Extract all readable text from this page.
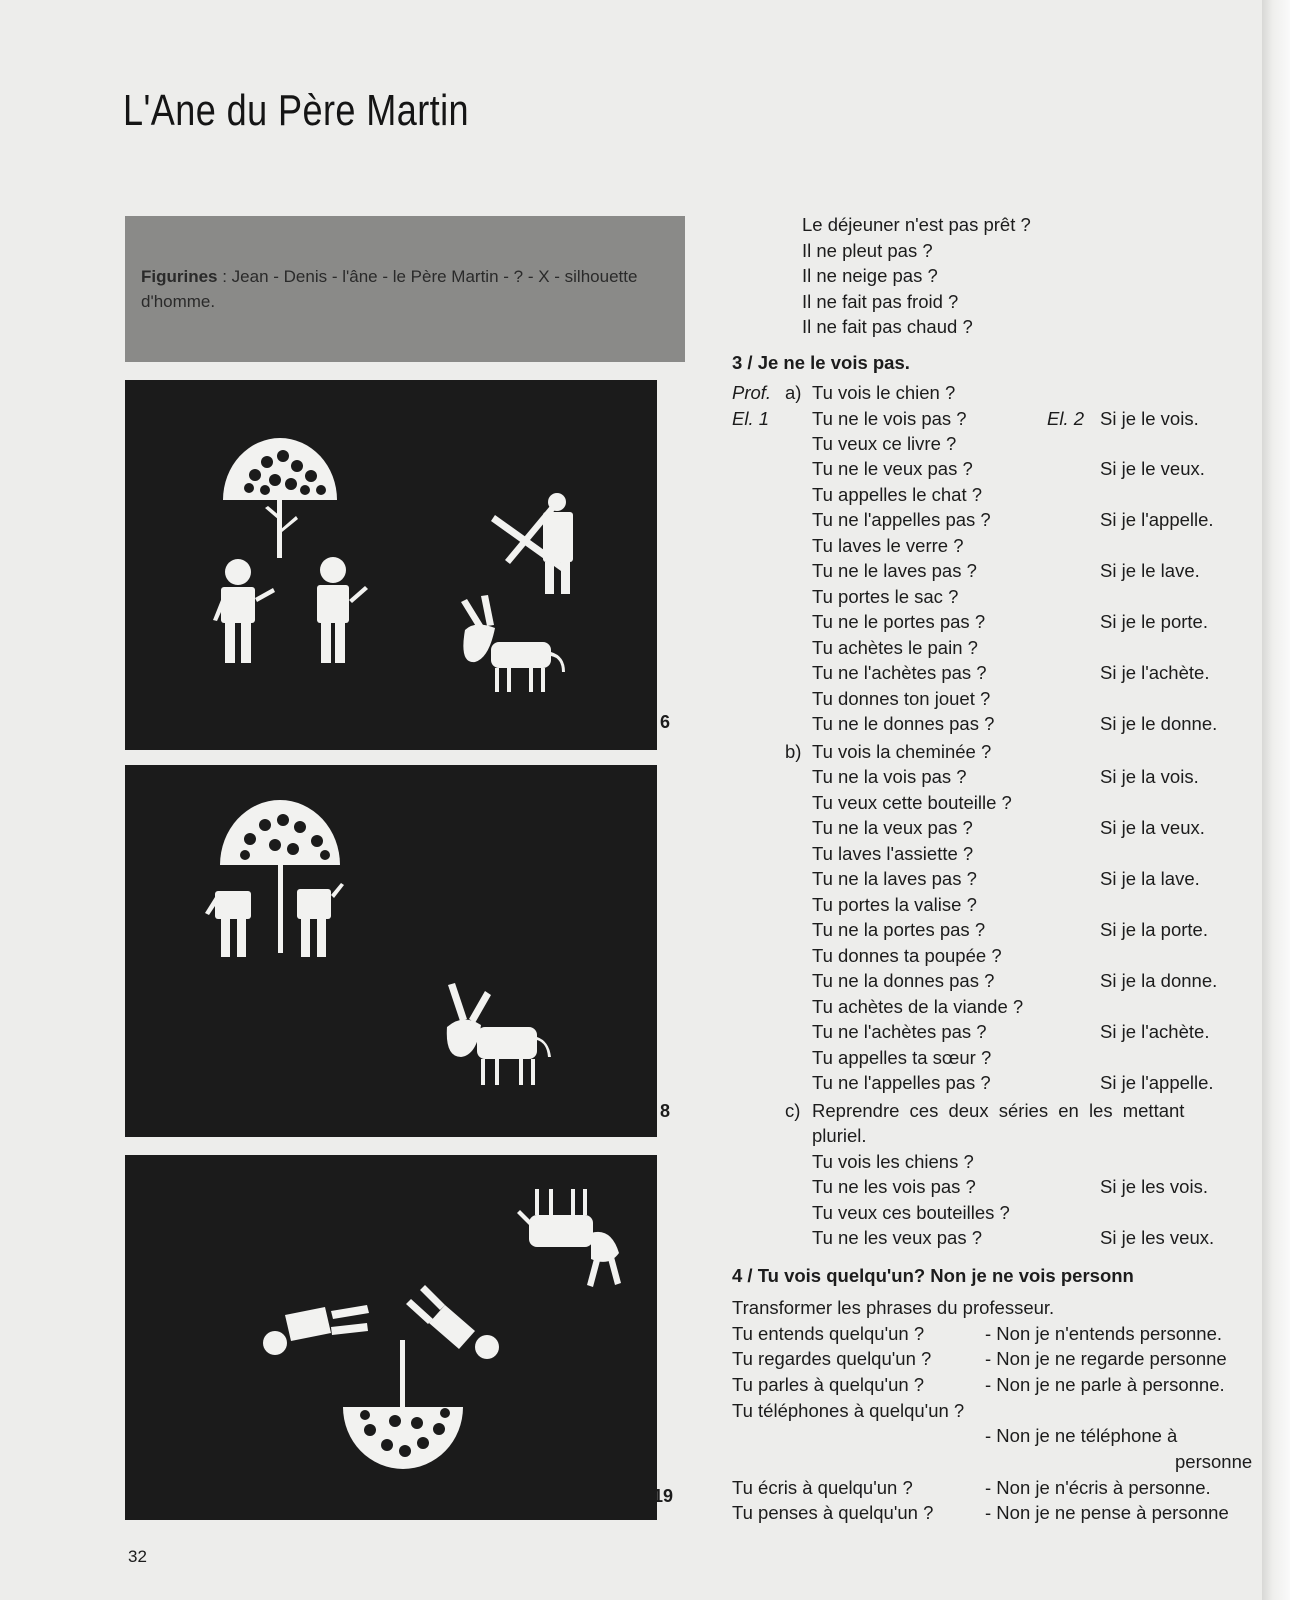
L'Ane du Père Martin
Figurines : Jean - Denis - l'âne - le Père Martin - ? - X - silhouette d'homme.
6
8
19
32
Le déjeuner n'est pas prêt ?
Il ne pleut pas ?
Il ne neige pas ?
Il ne fait pas froid ?
Il ne fait pas chaud ?
3 / Je ne le vois pas.
Prof. a) Tu vois le chien ?
El. 1 Tu ne le vois pas ?	El. 2 Si je le vois.
Tu veux ce livre ?
Tu ne le veux pas ?	Si je le veux.
Tu appelles le chat ?
Tu ne l'appelles pas ?	Si je l'appelle.
Tu laves le verre ?
Tu ne le laves pas ?	Si je le lave.
Tu portes le sac ?
Tu ne le portes pas ?	Si je le porte.
Tu achètes le pain ?
Tu ne l'achètes pas ?	Si je l'achète.
Tu donnes ton jouet ?
Tu ne le donnes pas ?	Si je le donne.
b) Tu vois la cheminée ?
Tu ne la vois pas ?	Si je la vois.
Tu veux cette bouteille ?
Tu ne la veux pas ?	Si je la veux.
Tu laves l'assiette ?
Tu ne la laves pas ?	Si je la lave.
Tu portes la valise ?
Tu ne la portes pas ?	Si je la porte.
Tu donnes ta poupée ?
Tu ne la donnes pas ?	Si je la donne.
Tu achètes de la viande ?
Tu ne l'achètes pas ?	Si je l'achète.
Tu appelles ta sœur ?
Tu ne l'appelles pas ?	Si je l'appelle.
c) Reprendre ces deux séries en les mettant
pluriel.
Tu vois les chiens ?
Tu ne les vois pas ?	Si je les vois.
Tu veux ces bouteilles ?
Tu ne les veux pas ?	Si je les veux.
4 / Tu vois quelqu'un? Non je ne vois personn
Transformer les phrases du professeur.
Tu entends quelqu'un ?	- Non je n'entends personne.
Tu regardes quelqu'un ?	- Non je ne regarde personne
Tu parles à quelqu'un ?	- Non je ne parle à personne.
Tu téléphones à quelqu'un ?
- Non je ne téléphone à
personne
Tu écris à quelqu'un ?	- Non je n'écris à personne.
Tu penses à quelqu'un ?	- Non je ne pense à personne
